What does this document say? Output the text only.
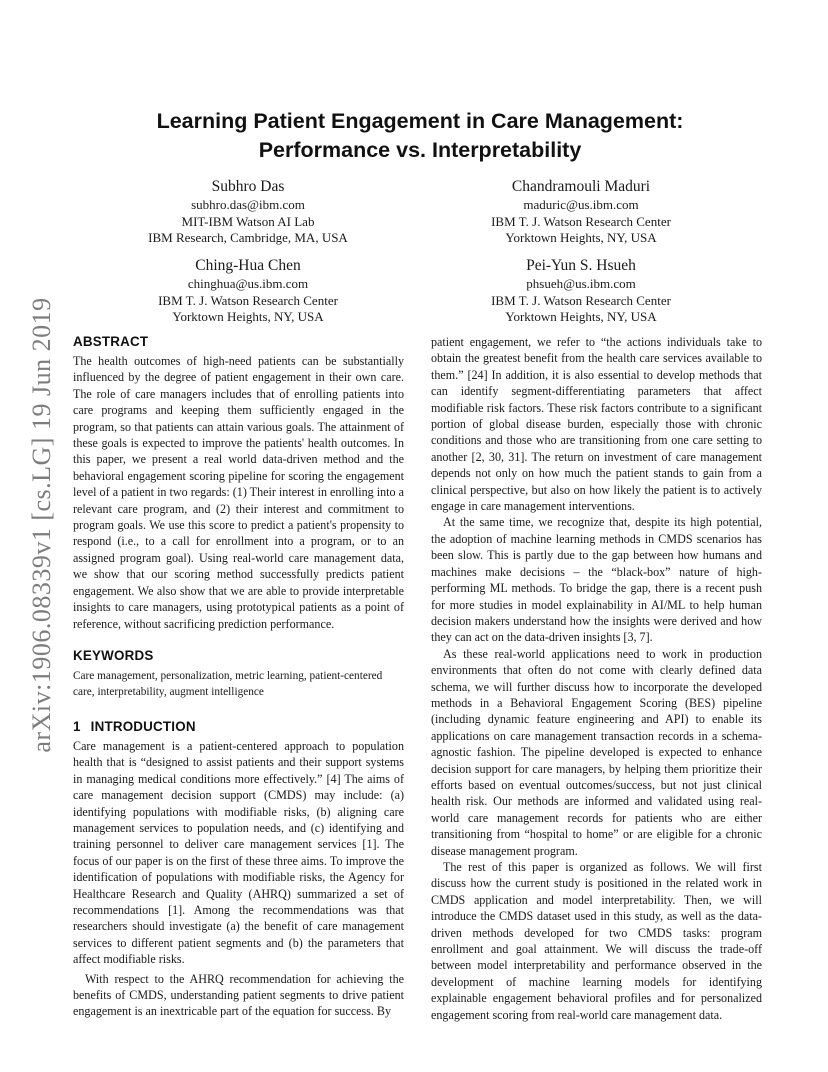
arXiv:1906.08339v1 [cs.LG] 19 Jun 2019
Learning Patient Engagement in Care Management:
Performance vs. Interpretability
Subhro Das
subhro.das@ibm.com
MIT-IBM Watson AI Lab
IBM Research, Cambridge, MA, USA
Chandramouli Maduri
maduric@us.ibm.com
IBM T. J. Watson Research Center
Yorktown Heights, NY, USA
Ching-Hua Chen
chinghua@us.ibm.com
IBM T. J. Watson Research Center
Yorktown Heights, NY, USA
Pei-Yun S. Hsueh
phsueh@us.ibm.com
IBM T. J. Watson Research Center
Yorktown Heights, NY, USA
ABSTRACT

The health outcomes of high-need patients can be substantially influenced by the degree of patient engagement in their own care. The role of care managers includes that of enrolling patients into care programs and keeping them sufficiently engaged in the program, so that patients can attain various goals. The attainment of these goals is expected to improve the patients' health outcomes. In this paper, we present a real world data-driven method and the behavioral engagement scoring pipeline for scoring the engagement level of a patient in two regards: (1) Their interest in enrolling into a relevant care program, and (2) their interest and commitment to program goals. We use this score to predict a patient's propensity to respond (i.e., to a call for enrollment into a program, or to an assigned program goal). Using real-world care management data, we show that our scoring method successfully predicts patient engagement. We also show that we are able to provide interpretable insights to care managers, using prototypical patients as a point of reference, without sacrificing prediction performance.

KEYWORDS

Care management, personalization, metric learning, patient-centered care, interpretability, augment intelligence

1 INTRODUCTION

Care management is a patient-centered approach to population health that is “designed to assist patients and their support systems in managing medical conditions more effectively.” [4] The aims of care management decision support (CMDS) may include: (a) identifying populations with modifiable risks, (b) aligning care management services to population needs, and (c) identifying and training personnel to deliver care management services [1]. The focus of our paper is on the first of these three aims. To improve the identification of populations with modifiable risks, the Agency for Healthcare Research and Quality (AHRQ) summarized a set of recommendations [1]. Among the recommendations was that researchers should investigate (a) the benefit of care management services to different patient segments and (b) the parameters that affect modifiable risks.

With respect to the AHRQ recommendation for achieving the benefits of CMDS, understanding patient segments to drive patient engagement is an inextricable part of the equation for success. By

patient engagement, we refer to “the actions individuals take to obtain the greatest benefit from the health care services available to them.” [24] In addition, it is also essential to develop methods that can identify segment-differentiating parameters that affect modifiable risk factors. These risk factors contribute to a significant portion of global disease burden, especially those with chronic conditions and those who are transitioning from one care setting to another [2, 30, 31]. The return on investment of care management depends not only on how much the patient stands to gain from a clinical perspective, but also on how likely the patient is to actively engage in care management interventions.

At the same time, we recognize that, despite its high potential, the adoption of machine learning methods in CMDS scenarios has been slow. This is partly due to the gap between how humans and machines make decisions – the “black-box” nature of high-performing ML methods. To bridge the gap, there is a recent push for more studies in model explainability in AI/ML to help human decision makers understand how the insights were derived and how they can act on the data-driven insights [3, 7].

As these real-world applications need to work in production environments that often do not come with clearly defined data schema, we will further discuss how to incorporate the developed methods in a Behavioral Engagement Scoring (BES) pipeline (including dynamic feature engineering and API) to enable its applications on care management transaction records in a schema-agnostic fashion. The pipeline developed is expected to enhance decision support for care managers, by helping them prioritize their efforts based on eventual outcomes/success, but not just clinical health risk. Our methods are informed and validated using real-world care management records for patients who are either transitioning from “hospital to home” or are eligible for a chronic disease management program.

The rest of this paper is organized as follows. We will first discuss how the current study is positioned in the related work in CMDS application and model interpretability. Then, we will introduce the CMDS dataset used in this study, as well as the data-driven methods developed for two CMDS tasks: program enrollment and goal attainment. We will discuss the trade-off between model interpretability and performance observed in the development of machine learning models for identifying explainable engagement behavioral profiles and for personalized engagement scoring from real-world care management data.
